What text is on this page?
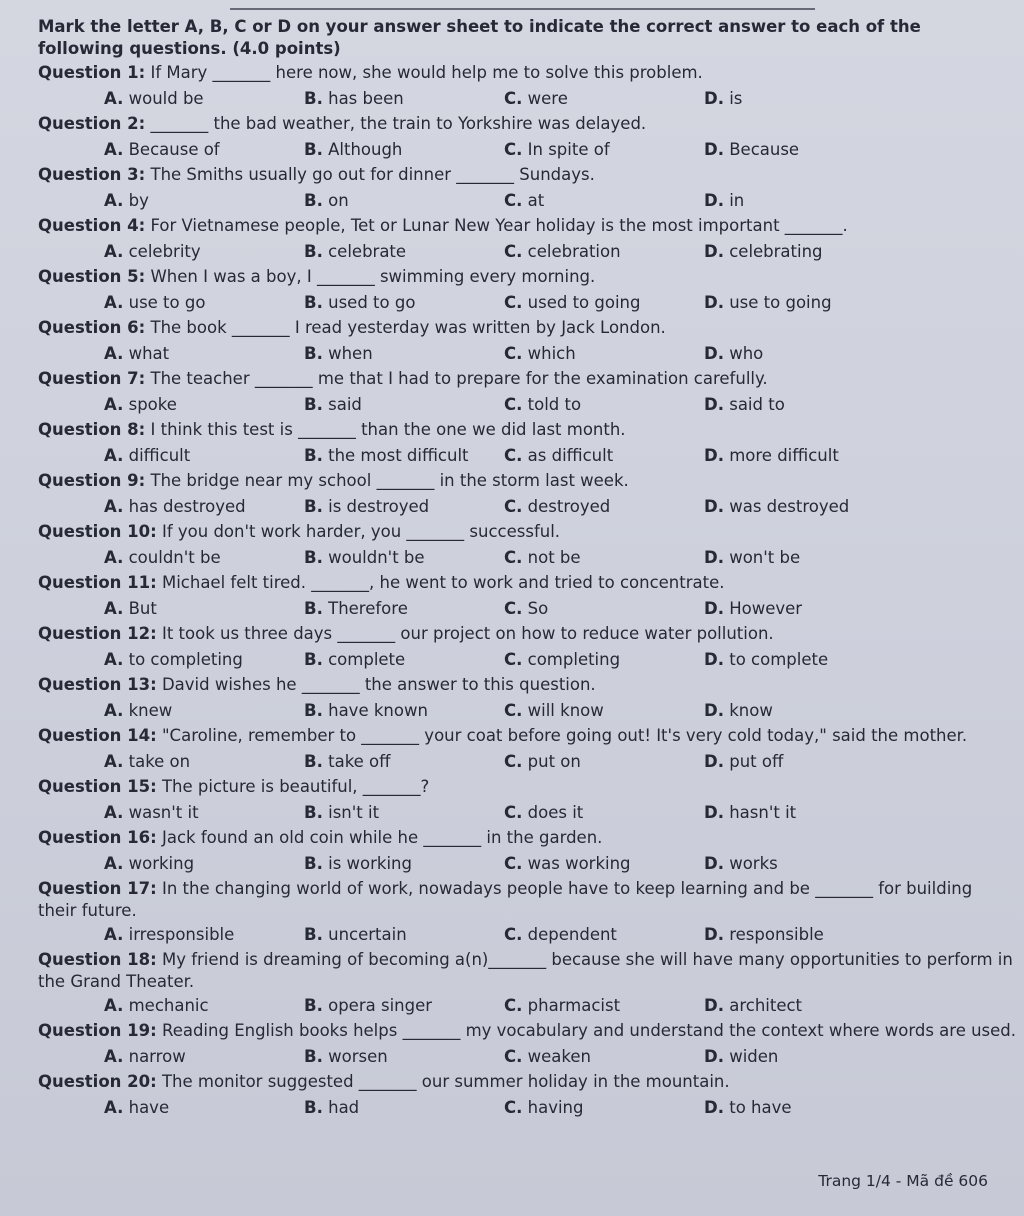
Mark the letter A, B, C or D on your answer sheet to indicate the correct answer to each of the following questions. (4.0 points)
Question 1: If Mary _______ here now, she would help me to solve this problem.
A. would be	B. has been	C. were	D. is
Question 2: _______ the bad weather, the train to Yorkshire was delayed.
A. Because of	B. Although	C. In spite of	D. Because
Question 3: The Smiths usually go out for dinner _______ Sundays.
A. by	B. on	C. at	D. in
Question 4: For Vietnamese people, Tet or Lunar New Year holiday is the most important _______.
A. celebrity	B. celebrate	C. celebration	D. celebrating
Question 5: When I was a boy, I _______ swimming every morning.
A. use to go	B. used to go	C. used to going	D. use to going
Question 6: The book _______ I read yesterday was written by Jack London.
A. what	B. when	C. which	D. who
Question 7: The teacher _______ me that I had to prepare for the examination carefully.
A. spoke	B. said	C. told to	D. said to
Question 8: I think this test is _______ than the one we did last month.
A. difficult	B. the most difficult	C. as difficult	D. more difficult
Question 9: The bridge near my school _______ in the storm last week.
A. has destroyed	B. is destroyed	C. destroyed	D. was destroyed
Question 10: If you don't work harder, you _______ successful.
A. couldn't be	B. wouldn't be	C. not be	D. won't be
Question 11: Michael felt tired. _______, he went to work and tried to concentrate.
A. But	B. Therefore	C. So	D. However
Question 12: It took us three days _______ our project on how to reduce water pollution.
A. to completing	B. complete	C. completing	D. to complete
Question 13: David wishes he _______ the answer to this question.
A. knew	B. have known	C. will know	D. know
Question 14: "Caroline, remember to _______ your coat before going out! It's very cold today," said the mother.
A. take on	B. take off	C. put on	D. put off
Question 15: The picture is beautiful, _______?
A. wasn't it	B. isn't it	C. does it	D. hasn't it
Question 16: Jack found an old coin while he _______ in the garden.
A. working	B. is working	C. was working	D. works
Question 17: In the changing world of work, nowadays people have to keep learning and be _______ for building their future.
A. irresponsible	B. uncertain	C. dependent	D. responsible
Question 18: My friend is dreaming of becoming a(n)_______ because she will have many opportunities to perform in the Grand Theater.
A. mechanic	B. opera singer	C. pharmacist	D. architect
Question 19: Reading English books helps _______ my vocabulary and understand the context where words are used.
A. narrow	B. worsen	C. weaken	D. widen
Question 20: The monitor suggested _______ our summer holiday in the mountain.
A. have	B. had	C. having	D. to have
Trang 1/4 - Mã đề 606
